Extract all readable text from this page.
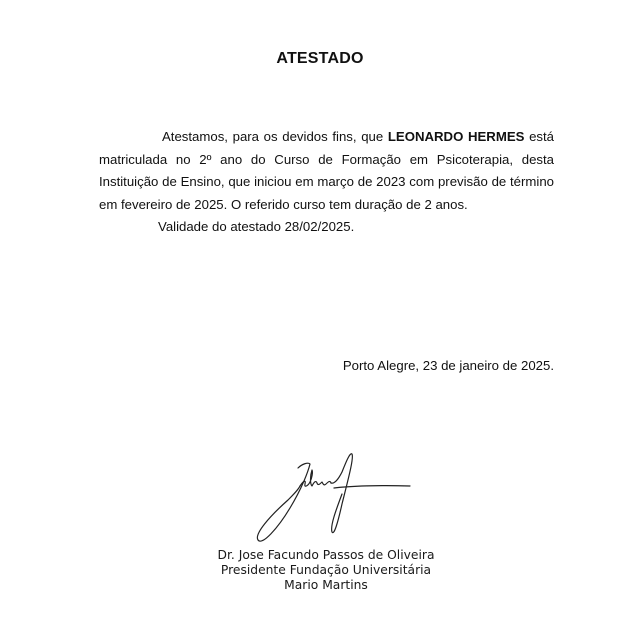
ATESTADO

Atestamos, para os devidos fins, que LEONARDO HERMES está matriculada no 2º ano do Curso de Formação em Psicoterapia, desta Instituição de Ensino, que iniciou em março de 2023 com previsão de término em fevereiro de 2025. O referido curso tem duração de 2 anos.

Validade do atestado 28/02/2025.

Porto Alegre, 23 de janeiro de 2025.
Dr. Jose Facundo Passos de Oliveira
Presidente Fundação Universitária
Mario Martins
